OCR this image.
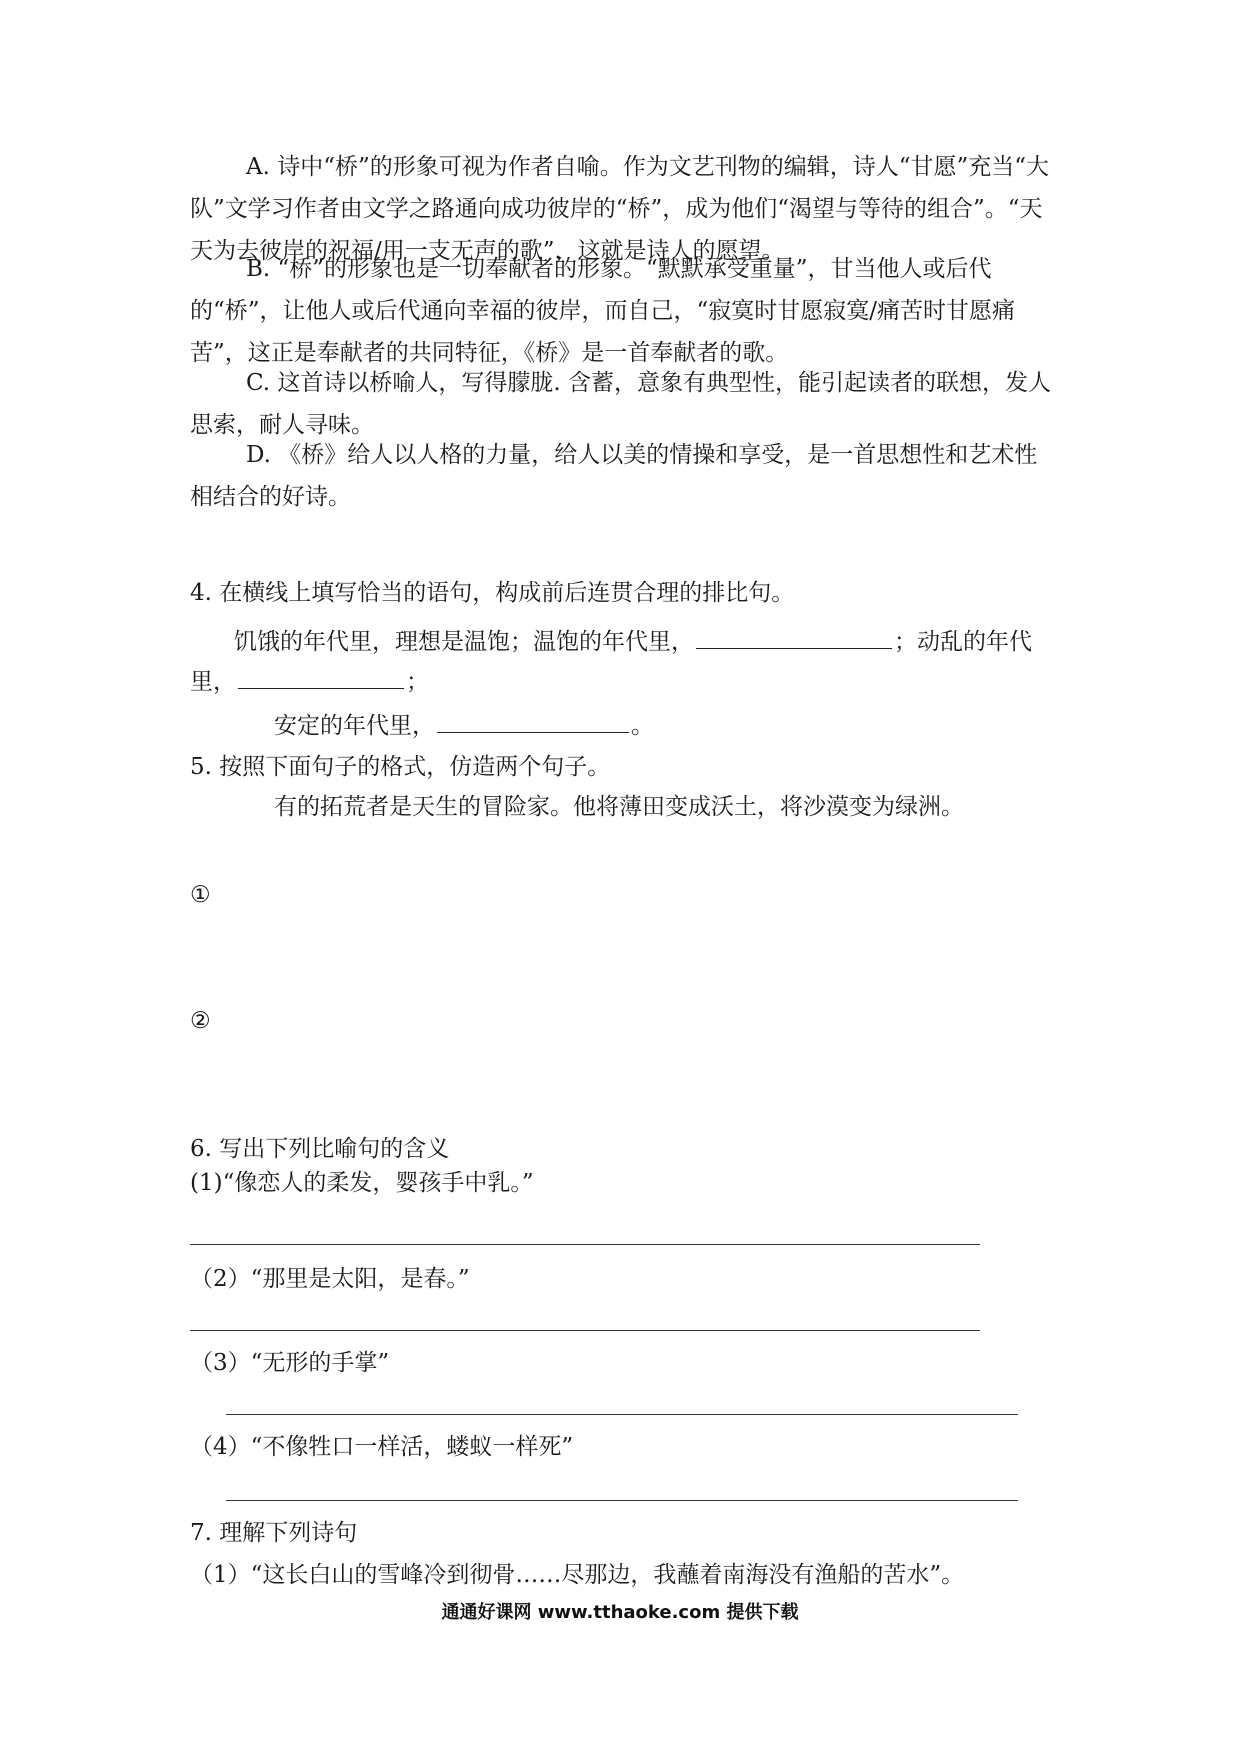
A. 诗中“桥”的形象可视为作者自喻。作为文艺刊物的编辑，诗人“甘愿”充当“大队”文学习作者由文学之路通向成功彼岸的“桥”，成为他们“渴望与等待的组合”。“天天为去彼岸的祝福/用一支无声的歌”，这就是诗人的愿望。

B. “桥”的形象也是一切奉献者的形象。“默默承受重量”，甘当他人或后代 的“桥”，让他人或后代通向幸福的彼岸，而自己，“寂寞时甘愿寂寞/痛苦时甘愿痛苦”，这正是奉献者的共同特征，《桥》是一首奉献者的歌。

C. 这首诗以桥喻人，写得朦胧. 含蓄，意象有典型性，能引起读者的联想，发人思索，耐人寻味。

D. 《桥》给人以人格的力量，给人以美的情操和享受，是一首思想性和艺术性相结合的好诗。

4. 在横线上填写恰当的语句，构成前后连贯合理的排比句。

饥饿的年代里，理想是温饱；温饱的年代里，	；动乱的年代

里，	；

安定的年代里，	。

5. 按照下面句子的格式，仿造两个句子。

有的拓荒者是天生的冒险家。他将薄田变成沃土，将沙漠变为绿洲。

①

②

6. 写出下列比喻句的含义

(1)“像恋人的柔发，婴孩手中乳。”

（2）“那里是太阳，是春。”

（3）“无形的手掌”

（4）“不像牲口一样活，蝼蚁一样死”

7. 理解下列诗句

（1）“这长白山的雪峰冷到彻骨……尽那边，我蘸着南海没有渔船的苦水”。

通通好课网 www.tthaoke.com 提供下载
